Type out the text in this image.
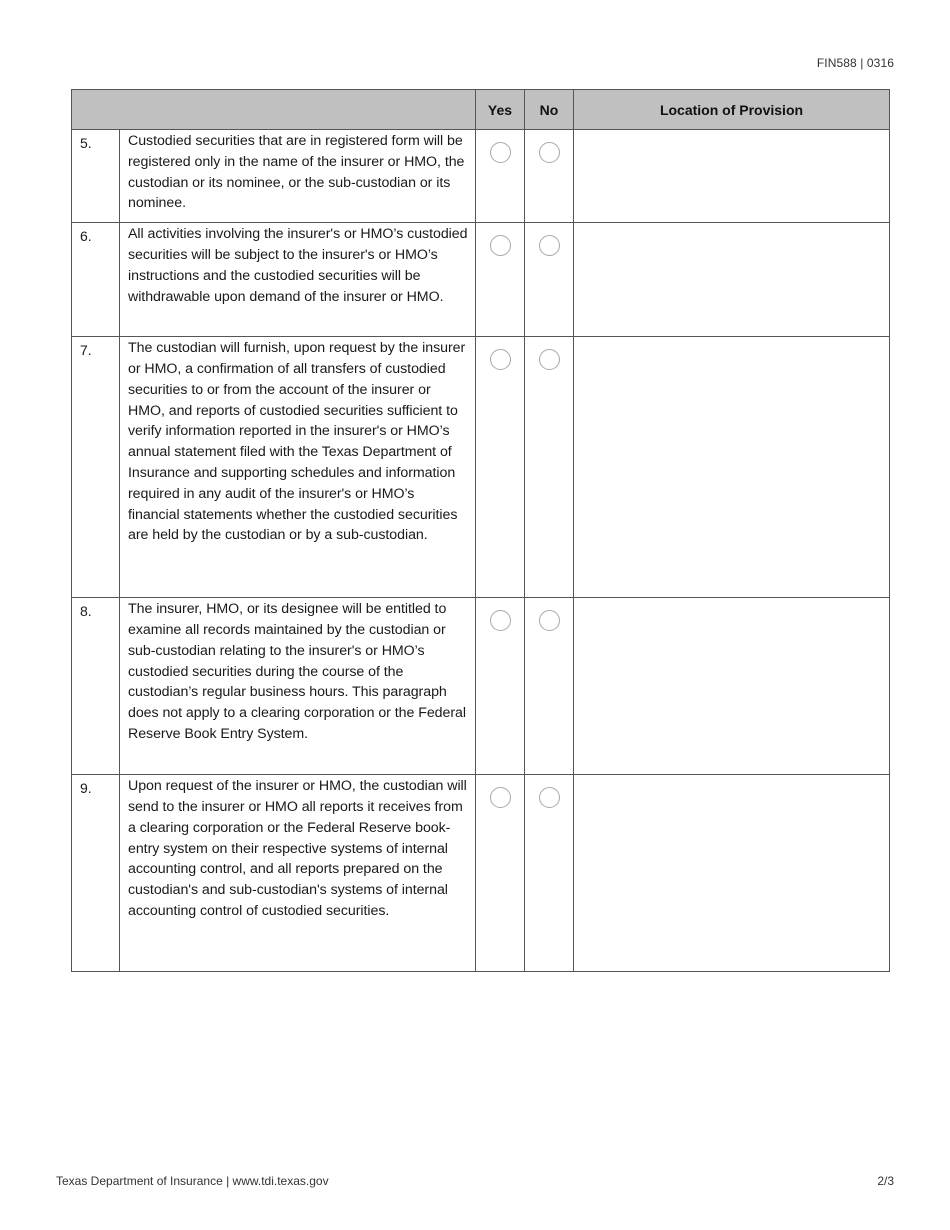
FIN588 | 0316
		Yes	No	Location of Provision
5.	Custodied securities that are in registered form will be registered only in the name of the insurer or HMO, the custodian or its nominee, or the sub-custodian or its nominee.			
6.	All activities involving the insurer's or HMO’s custodied securities will be subject to the insurer's or HMO’s instructions and the custodied securities will be withdrawable upon demand of the insurer or HMO.			
7.	The custodian will furnish, upon request by the insurer or HMO, a confirmation of all transfers of custodied securities to or from the account of the insurer or HMO, and reports of custodied securities sufficient to verify information reported in the insurer's or HMO’s annual statement filed with the Texas Department of Insurance and supporting schedules and information required in any audit of the insurer's or HMO’s financial statements whether the custodied securities are held by the custodian or by a sub-custodian.			
8.	The insurer, HMO, or its designee will be entitled to examine all records maintained by the custodian or sub-custodian relating to the insurer's or HMO’s custodied securities during the course of the custodian’s regular business hours. This paragraph does not apply to a clearing corporation or the Federal Reserve Book Entry System.			
9.	Upon request of the insurer or HMO, the custodian will send to the insurer or HMO all reports it receives from a clearing corporation or the Federal Reserve book-entry system on their respective systems of internal accounting control, and all reports prepared on the custodian's and sub-custodian's systems of internal accounting control of custodied securities.			
Texas Department of Insurance | www.tdi.texas.gov	2/3
